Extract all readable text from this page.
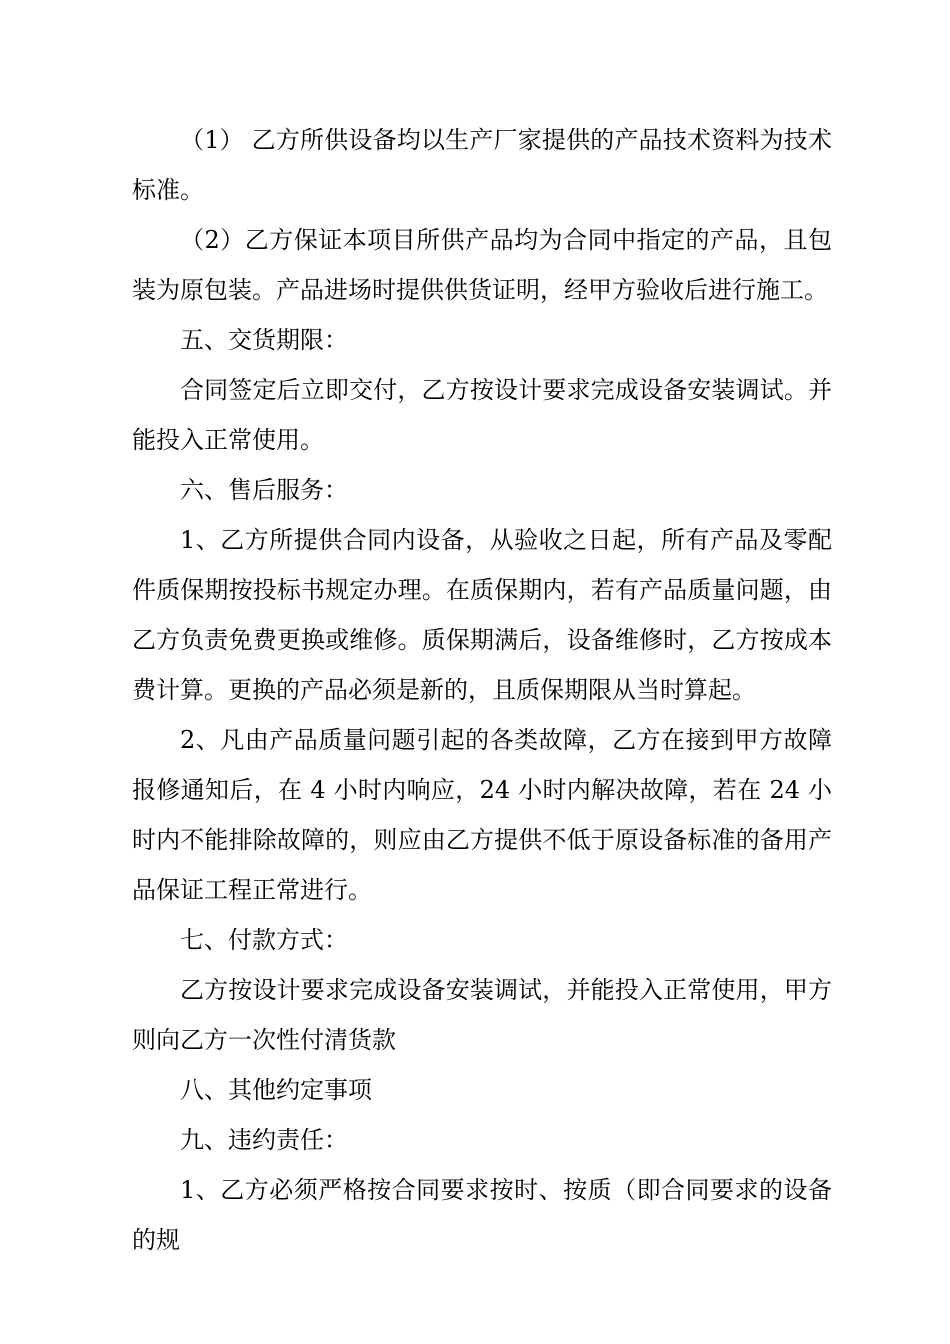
（1） 乙方所供设备均以生产厂家提供的产品技术资料为技术标准。

（2）乙方保证本项目所供产品均为合同中指定的产品，且包装为原包装。产品进场时提供供货证明，经甲方验收后进行施工。

五、交货期限：

合同签定后立即交付，乙方按设计要求完成设备安装调试。并能投入正常使用。

六、售后服务：

1、乙方所提供合同内设备，从验收之日起，所有产品及零配件质保期按投标书规定办理。在质保期内，若有产品质量问题，由乙方负责免费更换或维修。质保期满后，设备维修时，乙方按成本费计算。更换的产品必须是新的，且质保期限从当时算起。

2、凡由产品质量问题引起的各类故障，乙方在接到甲方故障报修通知后，在 4 小时内响应，24 小时内解决故障，若在 24 小时内不能排除故障的，则应由乙方提供不低于原设备标准的备用产品保证工程正常进行。

七、付款方式：

乙方按设计要求完成设备安装调试，并能投入正常使用，甲方则向乙方一次性付清货款

八、其他约定事项

九、违约责任：

1、乙方必须严格按合同要求按时、按质（即合同要求的设备的规
